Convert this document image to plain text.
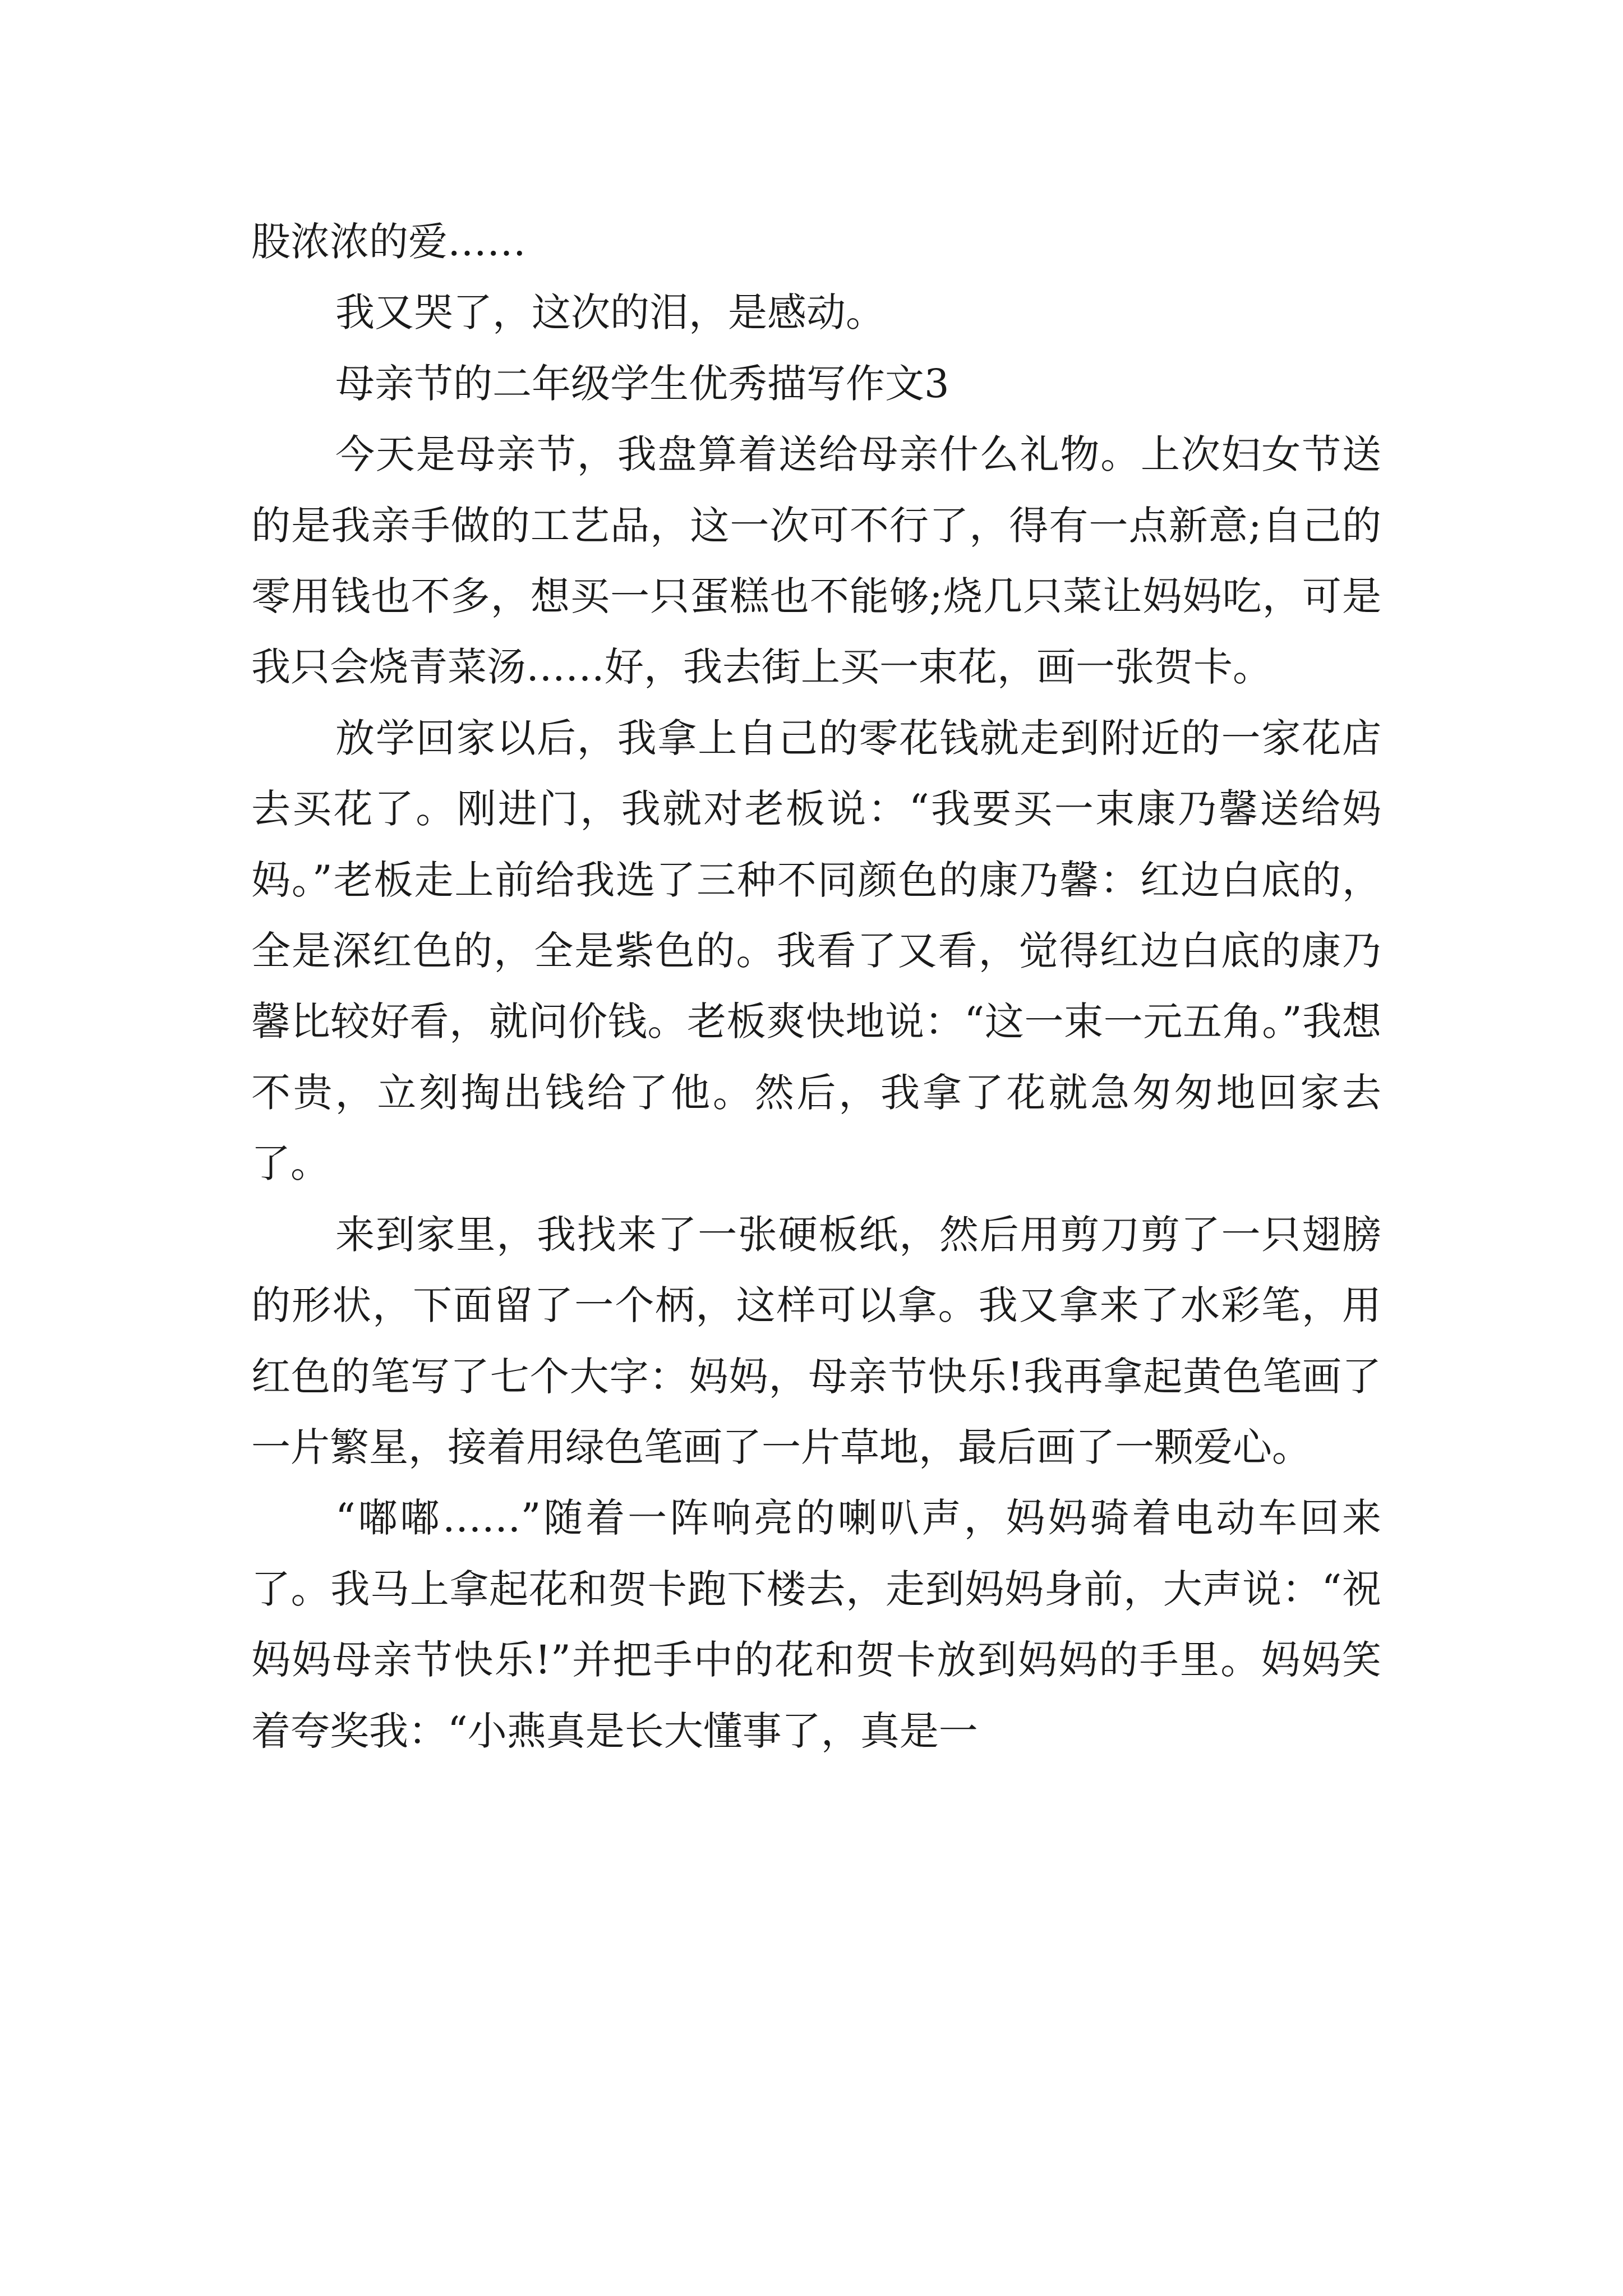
股浓浓的爱……

我又哭了，这次的泪，是感动。

母亲节的二年级学生优秀描写作文3

今天是母亲节，我盘算着送给母亲什么礼物。上次妇女节送的是我亲手做的工艺品，这一次可不行了，得有一点新意;自己的零用钱也不多，想买一只蛋糕也不能够;烧几只菜让妈妈吃，可是我只会烧青菜汤……好，我去街上买一束花，画一张贺卡。

放学回家以后，我拿上自己的零花钱就走到附近的一家花店去买花了。刚进门，我就对老板说：“我要买一束康乃馨送给妈妈。”老板走上前给我选了三种不同颜色的康乃馨：红边白底的，全是深红色的，全是紫色的。我看了又看，觉得红边白底的康乃馨比较好看，就问价钱。老板爽快地说：“这一束一元五角。”我想不贵，立刻掏出钱给了他。然后，我拿了花就急匆匆地回家去了。

来到家里，我找来了一张硬板纸，然后用剪刀剪了一只翅膀的形状，下面留了一个柄，这样可以拿。我又拿来了水彩笔，用红色的笔写了七个大字：妈妈，母亲节快乐!我再拿起黄色笔画了一片繁星，接着用绿色笔画了一片草地，最后画了一颗爱心。

“嘟嘟……”随着一阵响亮的喇叭声，妈妈骑着电动车回来了。我马上拿起花和贺卡跑下楼去，走到妈妈身前，大声说：“祝妈妈母亲节快乐!”并把手中的花和贺卡放到妈妈的手里。妈妈笑着夸奖我：“小燕真是长大懂事了，真是一
